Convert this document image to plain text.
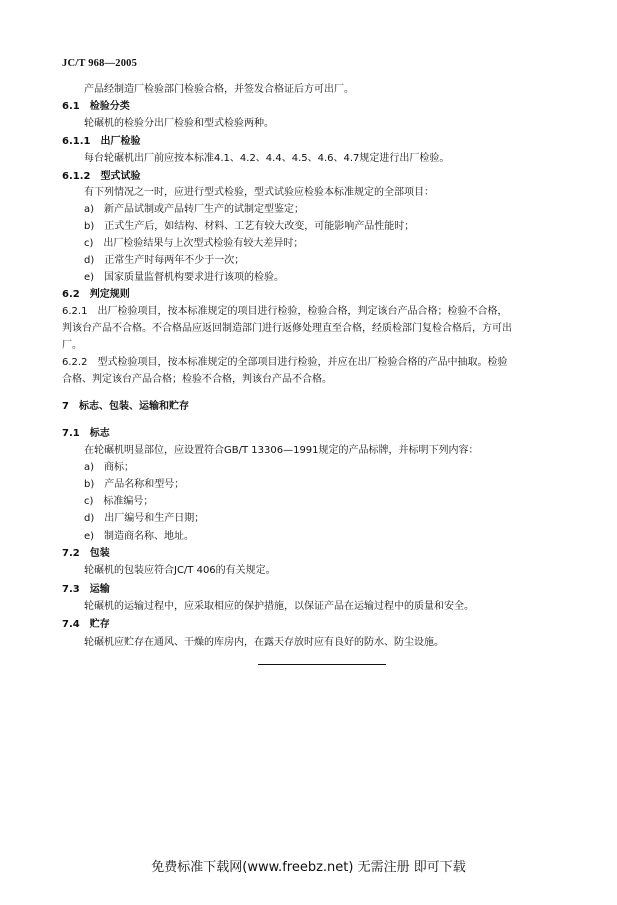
JC/T 968—2005
产品经制造厂检验部门检验合格，并签发合格证后方可出厂。
6.1　检验分类
轮碾机的检验分出厂检验和型式检验两种。
6.1.1　出厂检验
每台轮碾机出厂前应按本标准4.1、4.2、4.4、4.5、4.6、4.7规定进行出厂检验。
6.1.2　型式试验
有下列情况之一时，应进行型式检验，型式试验应检验本标准规定的全部项目：
a)　新产品试制或产品转厂生产的试制定型鉴定；
b)　正式生产后，如结构、材料、工艺有较大改变，可能影响产品性能时；
c)　出厂检验结果与上次型式检验有较大差异时；
d)　正常生产时每两年不少于一次；
e)　国家质量监督机构要求进行该项的检验。
6.2　判定规则
6.2.1　出厂检验项目，按本标准规定的项目进行检验，检验合格，判定该台产品合格；检验不合格，
判该台产品不合格。不合格品应返回制造部门进行返修处理直至合格，经质检部门复检合格后，方可出
厂。
6.2.2　型式检验项目，按本标准规定的全部项目进行检验，并应在出厂检验合格的产品中抽取。检验
合格、判定该台产品合格；检验不合格，判该台产品不合格。
7　标志、包装、运输和贮存
7.1　标志
在轮碾机明显部位，应设置符合GB/T 13306—1991规定的产品标牌，并标明下列内容：
a)　商标；
b)　产品名称和型号；
c)　标准编号；
d)　出厂编号和生产日期；
e)　制造商名称、地址。
7.2　包装
轮碾机的包装应符合JC/T 406的有关规定。
7.3　运输
轮碾机的运输过程中，应采取相应的保护措施，以保证产品在运输过程中的质量和安全。
7.4　贮存
轮碾机应贮存在通风、干燥的库房内，在露天存放时应有良好的防水、防尘设施。
免费标准下载网(www.freebz.net) 无需注册 即可下载
